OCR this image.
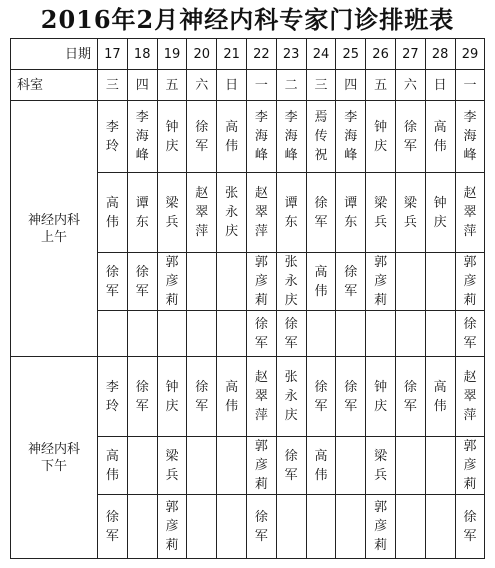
2016年2月神经内科专家门诊排班表
日期	17	18	19	20	21	22	23	24	25	26	27	28	29
科室	三	四	五	六	日	一	二	三	四	五	六	日	一

神经内科
上午	李玲	李海峰	钟庆	徐军	高伟	李海峰	李海峰	焉传祝	李海峰	钟庆	徐军	高伟	李海峰
	高伟	谭东	梁兵	赵翠萍	张永庆	赵翠萍	谭东	徐军	谭东	梁兵	梁兵	钟庆	赵翠萍
	徐军	徐军	郭彦莉			郭彦莉	张永庆	高伟	徐军	郭彦莉			郭彦莉
						徐军	徐军						徐军

神经内科
下午	李玲	徐军	钟庆	徐军	高伟	赵翠萍	张永庆	徐军	徐军	钟庆	徐军	高伟	赵翠萍
	高伟		梁兵			郭彦莉	徐军	高伟		梁兵			郭彦莉
	徐军		郭彦莉			徐军				郭彦莉			徐军
